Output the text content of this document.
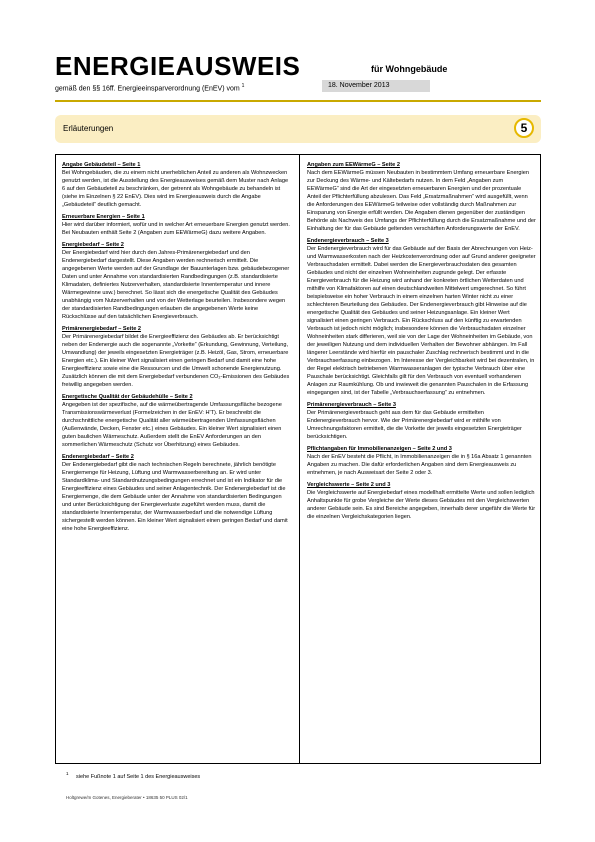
ENERGIEAUSWEIS	für Wohngebäude
gemäß den §§ 16ff. Energieeinsparverordnung (EnEV) vom $^1$	18. November 2013
Erläuterungen	5
Angabe Gebäudeteil – Seite 1
Bei Wohngebäuden, die zu einem nicht unerheblichen Anteil zu anderen als Wohnzwecken genutzt werden, ist die Ausstellung des Energieausweises gemäß dem Muster nach Anlage 6 auf den Gebäudeteil zu beschränken, der getrennt als Wohngebäude zu behandeln ist (siehe im Einzelnen § 22 EnEV). Dies wird im Energieausweis durch die Angabe „Gebäudeteil“ deutlich gemacht.
Erneuerbare Energien – Seite 1
Hier wird darüber informiert, wofür und in welcher Art erneuerbare Energien genutzt werden. Bei Neubauten enthält Seite 2 (Angaben zum EEWärmeG) dazu weitere Angaben.
Energiebedarf – Seite 2
Der Energiebedarf wird hier durch den Jahres-Primärenergiebedarf und den Endenergiebedarf dargestellt. Diese Angaben werden rechnerisch ermittelt. Die angegebenen Werte werden auf der Grundlage der Bauunterlagen bzw. gebäudebezogener Daten und unter Annahme von standardisierten Randbedingungen (z.B. standardisierte Klimadaten, definiertes Nutzerverhalten, standardisierte Innentemperatur und innere Wärmegewinne usw.) berechnet. So lässt sich die energetische Qualität des Gebäudes unabhängig vom Nutzerverhalten und von der Wetterlage beurteilen. Insbesondere wegen der standardisierten Randbedingungen erlauben die angegebenen Werte keine Rückschlüsse auf den tatsächlichen Energieverbrauch.
Primärenergiebedarf – Seite 2
Der Primärenergiebedarf bildet die Energieeffizienz des Gebäudes ab. Er berücksichtigt neben der Endenergie auch die sogenannte „Vorkette“ (Erkundung, Gewinnung, Verteilung, Umwandlung) der jeweils eingesetzten Energieträger (z.B. Heizöl, Gas, Strom, erneuerbare Energien etc.). Ein kleiner Wert signalisiert einen geringen Bedarf und damit eine hohe Energieeffizienz sowie eine die Ressourcen und die Umwelt schonende Energienutzung. Zusätzlich können die mit dem Energiebedarf verbundenen CO₂-Emissionen des Gebäudes freiwillig angegeben werden.
Energetische Qualität der Gebäudehülle – Seite 2
Angegeben ist der spezifische, auf die wärmeübertragende Umfassungsfläche bezogene Transmissionswärmeverlust (Formelzeichen in der EnEV: H'T). Er beschreibt die durchschnittliche energetische Qualität aller wärmeübertragenden Umfassungsflächen (Außenwände, Decken, Fenster etc.) eines Gebäudes. Ein kleiner Wert signalisiert einen guten baulichen Wärmeschutz. Außerdem stellt die EnEV Anforderungen an den sommerlichen Wärmeschutz (Schutz vor Überhitzung) eines Gebäudes.
Endenergiebedarf – Seite 2
Der Endenergiebedarf gibt die nach technischen Regeln berechnete, jährlich benötigte Energiemenge für Heizung, Lüftung und Warmwasserbereitung an. Er wird unter Standardklima- und Standardnutzungsbedingungen errechnet und ist ein Indikator für die Energieeffizienz eines Gebäudes und seiner Anlagentechnik. Der Endenergiebedarf ist die Energiemenge, die dem Gebäude unter der Annahme von standardisierten Bedingungen und unter Berücksichtigung der Energieverluste zugeführt werden muss, damit die standardisierte Innentemperatur, der Warmwasserbedarf und die notwendige Lüftung sichergestellt werden können. Ein kleiner Wert signalisiert einen geringen Bedarf und damit eine hohe Energieeffizienz.
Angaben zum EEWärmeG – Seite 2
Nach dem EEWärmeG müssen Neubauten in bestimmtem Umfang erneuerbare Energien zur Deckung des Wärme- und Kältebedarfs nutzen. In dem Feld „Angaben zum EEWärmeG“ sind die Art der eingesetzten erneuerbaren Energien und der prozentuale Anteil der Pflichterfüllung abzulesen. Das Feld „Ersatzmaßnahmen“ wird ausgefüllt, wenn die Anforderungen des EEWärmeG teilweise oder vollständig durch Maßnahmen zur Einsparung von Energie erfüllt werden. Die Angaben dienen gegenüber der zuständigen Behörde als Nachweis des Umfangs der Pflichterfüllung durch die Ersatzmaßnahme und der Einhaltung der für das Gebäude geltenden verschärften Anforderungswerte der EnEV.
Endenergieverbrauch – Seite 3
Der Endenergieverbrauch wird für das Gebäude auf der Basis der Abrechnungen von Heiz- und Warmwasserkosten nach der Heizkostenverordnung oder auf Grund anderer geeigneter Verbrauchsdaten ermittelt. Dabei werden die Energieverbrauchsdaten des gesamten Gebäudes und nicht der einzelnen Wohneinheiten zugrunde gelegt. Der erfasste Energieverbrauch für die Heizung wird anhand der konkreten örtlichen Wetterdaten und mithilfe von Klimafaktoren auf einen deutschlandweiten Mittelwert umgerechnet. So führt beispielsweise ein hoher Verbrauch in einem einzelnen harten Winter nicht zu einer schlechteren Beurteilung des Gebäudes. Der Endenergieverbrauch gibt Hinweise auf die energetische Qualität des Gebäudes und seiner Heizungsanlage. Ein kleiner Wert signalisiert einen geringen Verbrauch. Ein Rückschluss auf den künftig zu erwartenden Verbrauch ist jedoch nicht möglich; insbesondere können die Verbrauchsdaten einzelner Wohneinheiten stark differieren, weil sie von der Lage der Wohneinheiten im Gebäude, von der jeweiligen Nutzung und dem individuellen Verhalten der Bewohner abhängen. Im Fall längerer Leerstände wird hierfür ein pauschaler Zuschlag rechnerisch bestimmt und in die Verbrauchserfassung einbezogen. Im Interesse der Vergleichbarkeit wird bei dezentralen, in der Regel elektrisch betriebenen Warmwasseranlagen der typische Verbrauch über eine Pauschale berücksichtigt. Gleichfalls gilt für den Verbrauch von eventuell vorhandenen Anlagen zur Raumkühlung. Ob und inwieweit die genannten Pauschalen in die Erfassung eingegangen sind, ist der Tabelle „Verbrauchserfassung“ zu entnehmen.
Primärenergieverbrauch – Seite 3
Der Primärenergieverbrauch geht aus dem für das Gebäude ermittelten Endenergieverbrauch hervor. Wie der Primärenergiebedarf wird er mithilfe von Umrechnungsfaktoren ermittelt, die die Vorkette der jeweils eingesetzten Energieträger berücksichtigen.
Pflichtangaben für Immobilienanzeigen – Seite 2 und 3
Nach der EnEV besteht die Pflicht, in Immobilienanzeigen die in § 16a Absatz 1 genannten Angaben zu machen. Die dafür erforderlichen Angaben sind dem Energieausweis zu entnehmen, je nach Ausweisart der Seite 2 oder 3.
Vergleichswerte – Seite 2 und 3
Die Vergleichswerte auf Energiebedarf eines modellhaft ermittelte Werte und sollen lediglich Anhaltspunkte für grobe Vergleiche der Werte dieses Gebäudes mit den Vergleichswerten anderer Gebäude sein. Es sind Bereiche angegeben, innerhalb derer ungefähr die Werte für die einzelnen Vergleichskategorien liegen.
$^1$ siehe Fußnote 1 auf Seite 1 des Energieausweises
Holtgrewe/m Gotenes, Energieberater • 18635 50 PLUS 02/1
